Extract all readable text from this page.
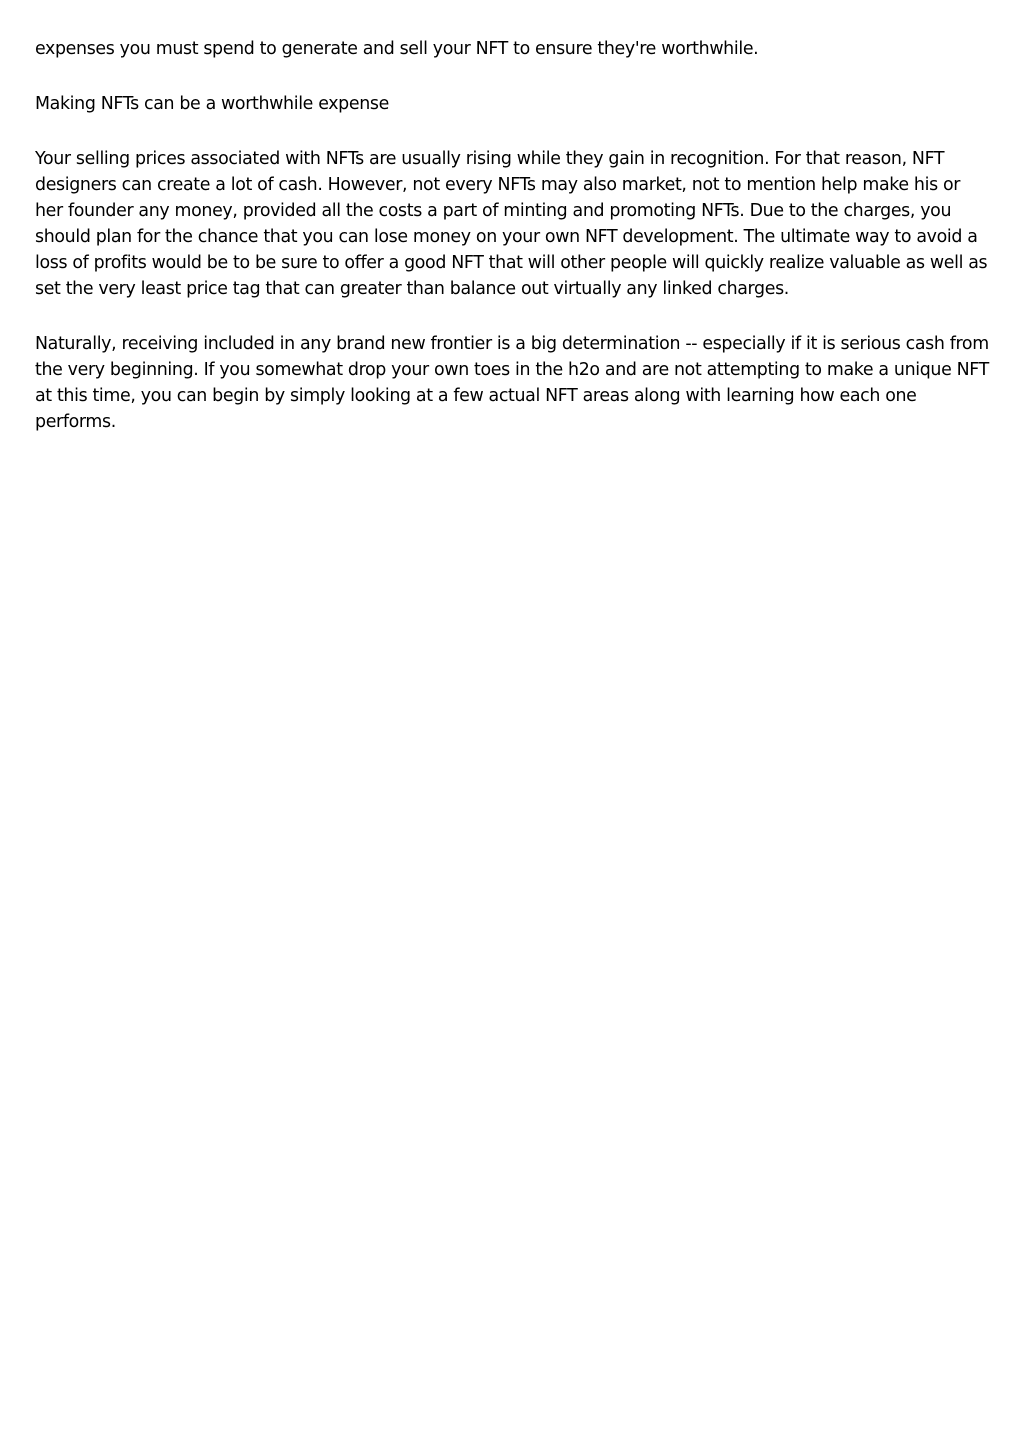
expenses you must spend to generate and sell your NFT to ensure they're worthwhile.

Making NFTs can be a worthwhile expense

Your selling prices associated with NFTs are usually rising while they gain in recognition. For that reason, NFT designers can create a lot of cash. However, not every NFTs may also market, not to mention help make his or her founder any money, provided all the costs a part of minting and promoting NFTs. Due to the charges, you should plan for the chance that you can lose money on your own NFT development. The ultimate way to avoid a loss of profits would be to be sure to offer a good NFT that will other people will quickly realize valuable as well as set the very least price tag that can greater than balance out virtually any linked charges.

Naturally, receiving included in any brand new frontier is a big determination -- especially if it is serious cash from the very beginning. If you somewhat drop your own toes in the h2o and are not attempting to make a unique NFT at this time, you can begin by simply looking at a few actual NFT areas along with learning how each one performs.
